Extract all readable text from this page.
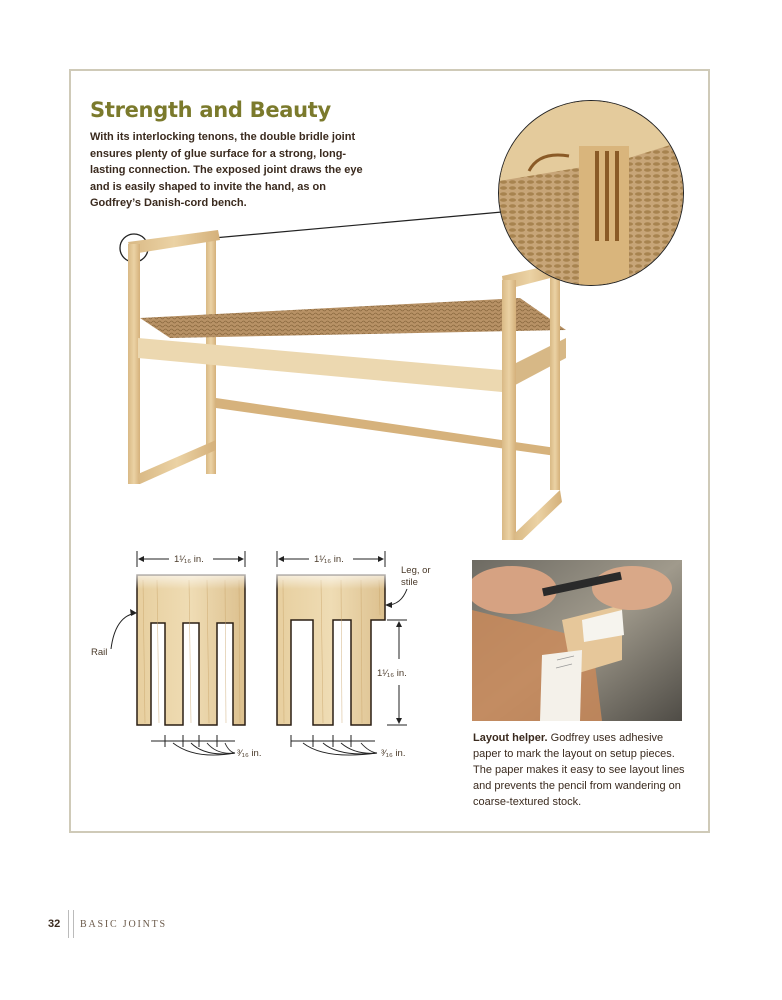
Strength and Beauty
With its interlocking tenons, the double bridle joint ensures plenty of glue surface for a strong, long-lasting connection. The exposed joint draws the eye and is easily shaped to invite the hand, as on Godfrey’s Danish-cord bench.
1¹⁄₁₆ in.	1¹⁄₁₆ in.
Rail
Leg, or
stile
1¹⁄₁₆ in.
³⁄₁₆ in.	³⁄₁₆ in.
Layout helper. Godfrey uses adhesive paper to mark the layout on setup pieces. The paper makes it easy to see layout lines and prevents the pencil from wandering on coarse-textured stock.
32 BASIC JOINTS
